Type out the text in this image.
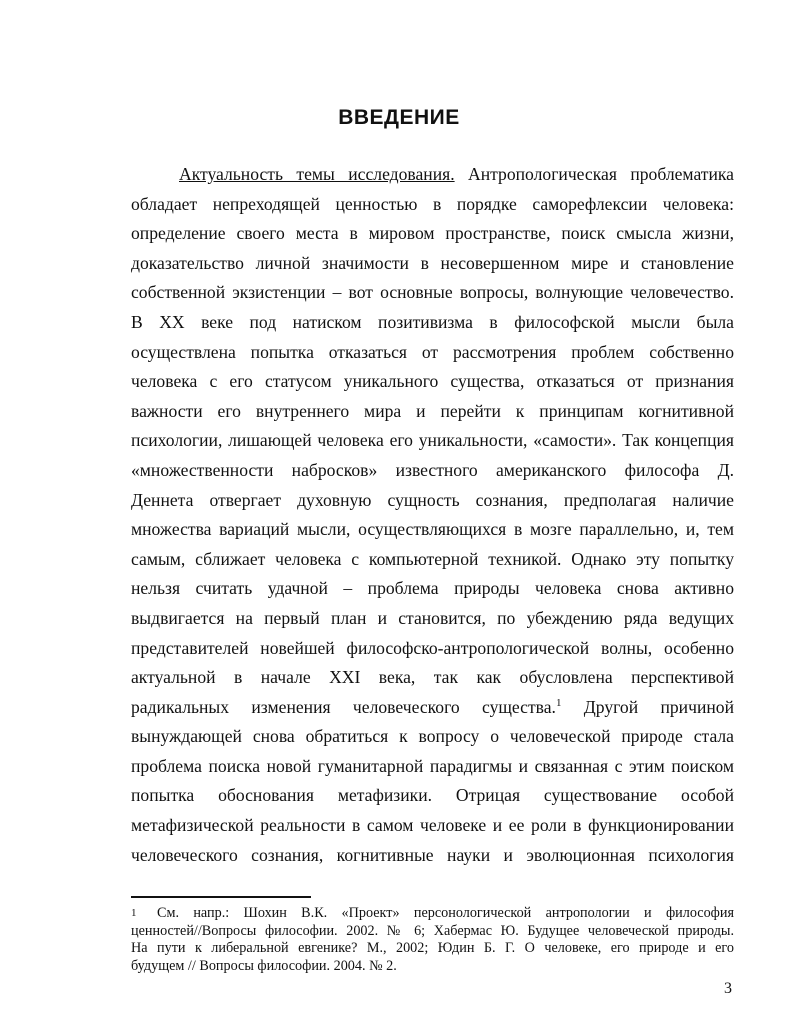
ВВЕДЕНИЕ
Актуальность темы исследования. Антропологическая проблематика
обладает непреходящей ценностью в порядке саморефлексии человека:
определение своего места в мировом пространстве, поиск смысла жизни,
доказательство личной значимости в несовершенном мире и становление
собственной экзистенции – вот основные вопросы, волнующие человечество.
В XX веке под натиском позитивизма в философской мысли была
осуществлена попытка отказаться от рассмотрения проблем собственно
человека с его статусом уникального существа, отказаться от признания
важности его внутреннего мира и перейти к принципам когнитивной
психологии, лишающей человека его уникальности, «самости». Так концепция
«множественности набросков» известного американского философа Д.
Деннета отвергает духовную сущность сознания, предполагая наличие
множества вариаций мысли, осуществляющихся в мозге параллельно, и, тем
самым, сближает человека с компьютерной техникой. Однако эту попытку
нельзя считать удачной – проблема природы человека снова активно
выдвигается на первый план и становится, по убеждению ряда ведущих
представителей новейшей философско-антропологической волны, особенно
актуальной в начале XXI века, так как обусловлена перспективой
радикальных изменения человеческого существа.$^1$ Другой причиной
вынуждающей снова обратиться к вопросу о человеческой природе стала
проблема поиска новой гуманитарной парадигмы и связанная с этим поиском
попытка обоснования метафизики. Отрицая существование особой
метафизической реальности в самом человеке и ее роли в функционировании
человеческого сознания, когнитивные науки и эволюционная психология
1 См. напр.: Шохин В.К. «Проект» персонологической антропологии и философия
ценностей//Вопросы философии. 2002. № 6; Хабермас Ю. Будущее человеческой природы.
На пути к либеральной евгенике? М., 2002; Юдин Б. Г. О человеке, его природе и его
будущем // Вопросы философии. 2004. № 2.
3
